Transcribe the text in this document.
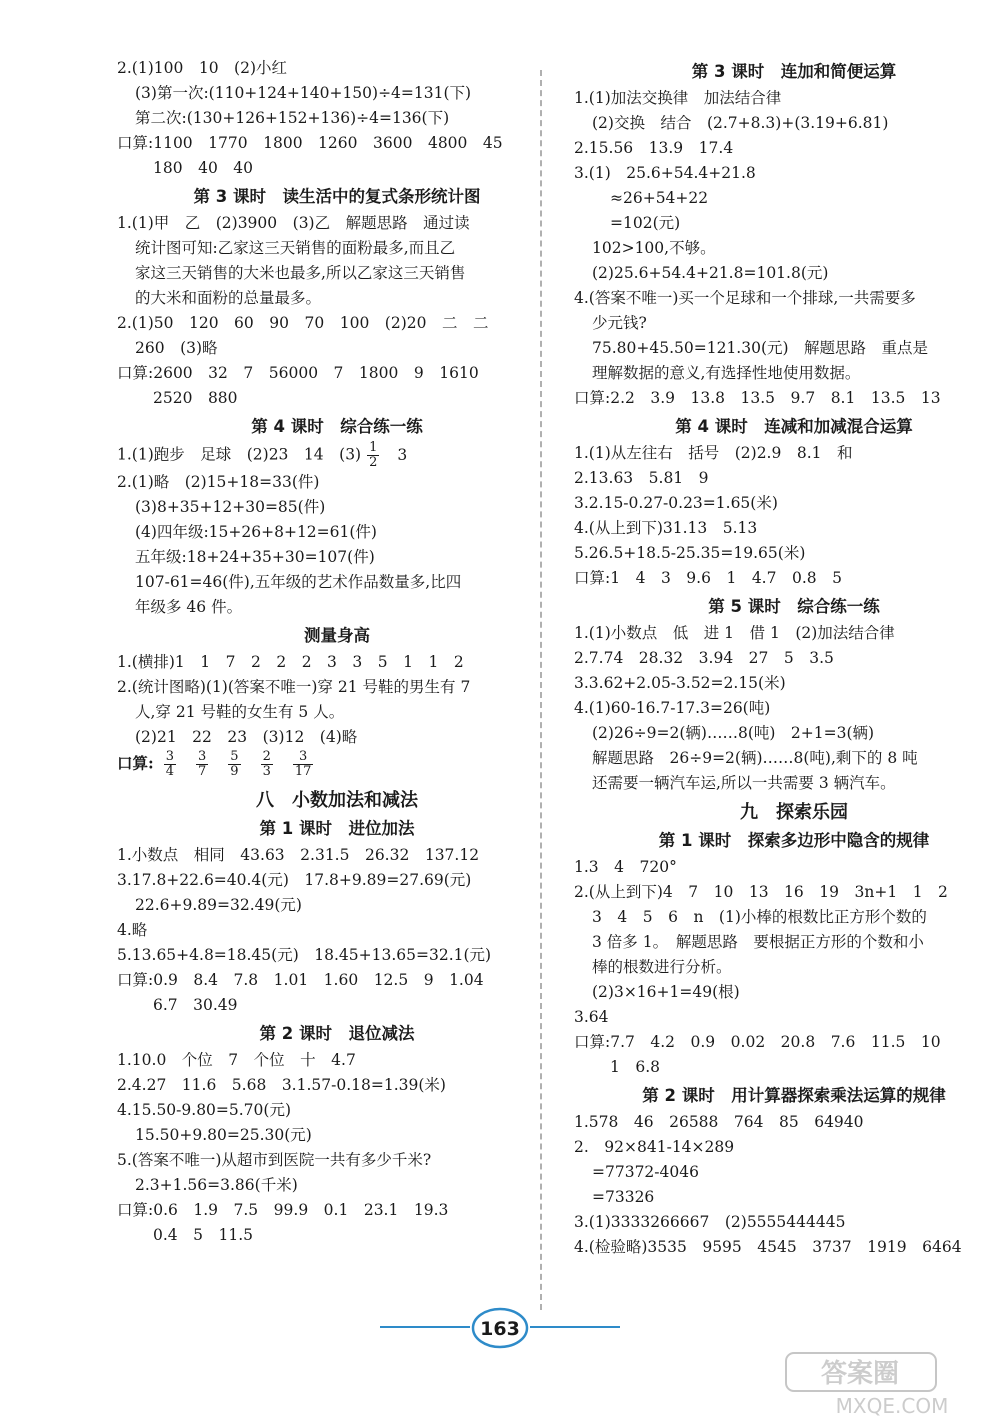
2.(1)100　10　(2)小红
(3)第一次:(110+124+140+150)÷4=131(下)
第二次:(130+126+152+136)÷4=136(下)
口算:1100　1770　1800　1260　3600　4800　45
180　40　40
第 3 课时　读生活中的复式条形统计图
1.(1)甲　乙　(2)3900　(3)乙　解题思路　通过读
统计图可知:乙家这三天销售的面粉最多,而且乙
家这三天销售的大米也最多,所以乙家这三天销售
的大米和面粉的总量最多。
2.(1)50　120　60　90　70　100　(2)20　二　二
260　(3)略
口算:2600　32　7　56000　7　1800　9　1610
2520　880
第 4 课时　综合练一练
1.(1)跑步　足球　(2)23　14　$(3) \frac{1}{2} 3$
2.(1)略　(2)15+18=33(件)
(3)8+35+12+30=85(件)
(4)四年级:15+26+8+12=61(件)
五年级:18+24+35+30=107(件)
107-61=46(件),五年级的艺术作品数量多,比四
年级多 46 件。
测量身高
1.(横排)1　1　7　2　2　2　3　3　5　1　1　2
2.(统计图略)(1)(答案不唯一)穿 21 号鞋的男生有 7
人,穿 21 号鞋的女生有 5 人。
(2)21　22　23　(3)12　(4)略
口算: $\frac{3}{4} \frac{3}{7} \frac{5}{9} \frac{2}{3} \frac{3}{17}$
八　小数加法和减法
第 1 课时　进位加法
1.小数点　相同　43.63　2.31.5　26.32　137.12
3.17.8+22.6=40.4(元)　17.8+9.89=27.69(元)
22.6+9.89=32.49(元)
4.略
5.13.65+4.8=18.45(元)　18.45+13.65=32.1(元)
口算:0.9　8.4　7.8　1.01　1.60　12.5　9　1.04
6.7　30.49
第 2 课时　退位减法
1.10.0　个位　7　个位　十　4.7
2.4.27　11.6　5.68　3.1.57-0.18=1.39(米)
4.15.50-9.80=5.70(元)
15.50+9.80=25.30(元)
5.(答案不唯一)从超市到医院一共有多少千米?
2.3+1.56=3.86(千米)
口算:0.6　1.9　7.5　99.9　0.1　23.1　19.3
0.4　5　11.5
第 3 课时　连加和简便运算
1.(1)加法交换律　加法结合律
(2)交换　结合　(2.7+8.3)+(3.19+6.81)
2.15.56　13.9　17.4
3.(1)　25.6+54.4+21.8
≈26+54+22
=102(元)
102>100,不够。
(2)25.6+54.4+21.8=101.8(元)
4.(答案不唯一)买一个足球和一个排球,一共需要多
少元钱?
75.80+45.50=121.30(元)　解题思路　重点是
理解数据的意义,有选择性地使用数据。
口算:2.2　3.9　13.8　13.5　9.7　8.1　13.5　13
第 4 课时　连减和加减混合运算
1.(1)从左往右　括号　(2)2.9　8.1　和
2.13.63　5.81　9
3.2.15-0.27-0.23=1.65(米)
4.(从上到下)31.13　5.13
5.26.5+18.5-25.35=19.65(米)
口算:1　4　3　9.6　1　4.7　0.8　5
第 5 课时　综合练一练
1.(1)小数点　低　进 1　借 1　(2)加法结合律
2.7.74　28.32　3.94　27　5　3.5
3.3.62+2.05-3.52=2.15(米)
4.(1)60-16.7-17.3=26(吨)
(2)26÷9=2(辆)……8(吨)　2+1=3(辆)
解题思路　26÷9=2(辆)……8(吨),剩下的 8 吨
还需要一辆汽车运,所以一共需要 3 辆汽车。
九　探索乐园
第 1 课时　探索多边形中隐含的规律
1.3　4　720°
2.(从上到下)4　7　10　13　16　19　3n+1　1　2
3　4　5　6　n　(1)小棒的根数比正方形个数的
3 倍多 1。　解题思路　要根据正方形的个数和小
棒的根数进行分析。
(2)3×16+1=49(根)
3.64
口算:7.7　4.2　0.9　0.02　20.8　7.6　11.5　10
1　6.8
第 2 课时　用计算器探索乘法运算的规律
1.578　46　26588　764　85　64940
2.　92×841-14×289
=77372-4046
=73326
3.(1)3333266667　(2)5555444445
4.(检验略)3535　9595　4545　3737　1919　6464
163
答案圈
MXQE.COM
